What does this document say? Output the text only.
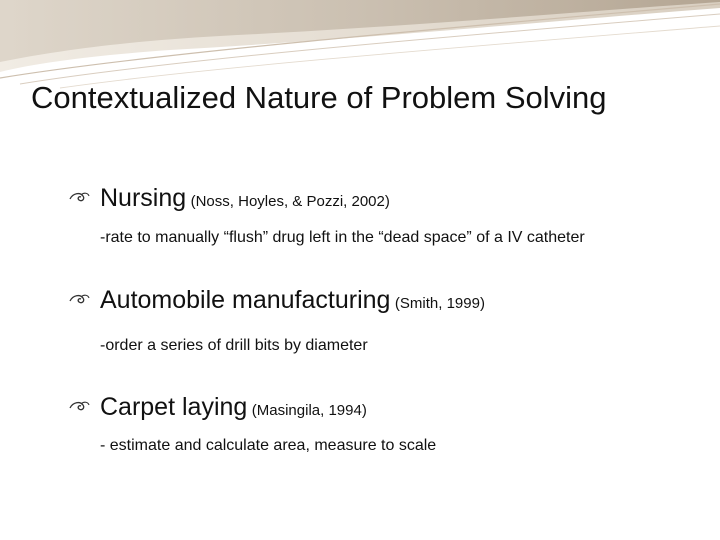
Contextualized Nature of Problem Solving
Nursing (Noss, Hoyles, & Pozzi, 2002)
-rate to manually “flush” drug left in the “dead space” of a IV catheter
Automobile manufacturing (Smith, 1999)
-order a series of drill bits by diameter
Carpet laying (Masingila, 1994)
- estimate and calculate area, measure to scale
